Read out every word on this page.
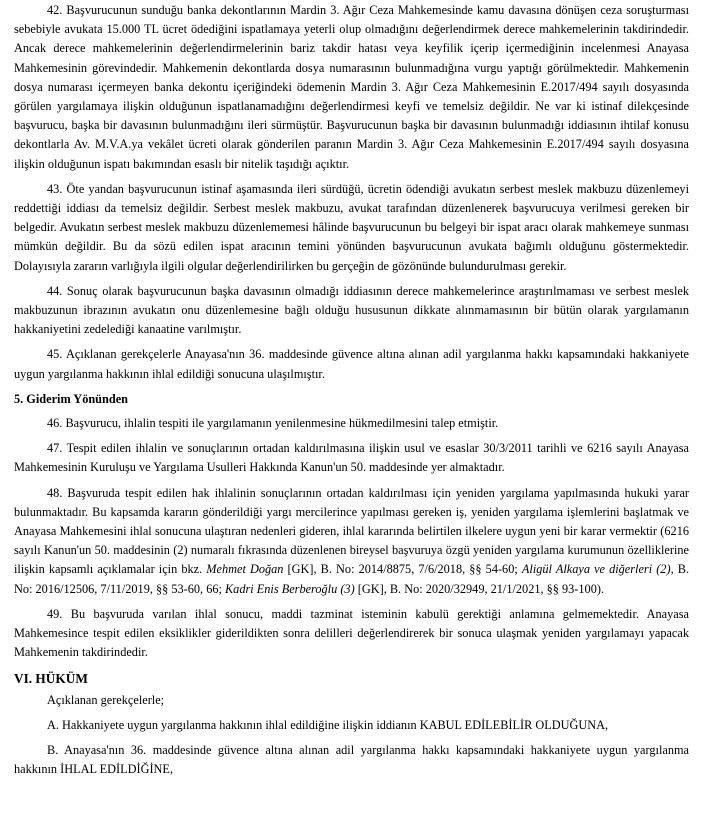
42. Başvurucunun sunduğu banka dekontlarının Mardin 3. Ağır Ceza Mahkemesinde kamu davasına dönüşen ceza soruşturması sebebiyle avukata 15.000 TL ücret ödediğini ispatlamaya yeterli olup olmadığını değerlendirmek derece mahkemelerinin takdirindedir. Ancak derece mahkemelerinin değerlendirmelerinin bariz takdir hatası veya keyfilik içerip içermediğinin incelenmesi Anayasa Mahkemesinin görevindedir. Mahkemenin dekontlarda dosya numarasının bulunmadığına vurgu yaptığı görülmektedir. Mahkemenin dosya numarası içermeyen banka dekontu içeriğindeki ödemenin Mardin 3. Ağır Ceza Mahkemesinin E.2017/494 sayılı dosyasında görülen yargılamaya ilişkin olduğunun ispatlanamadığını değerlendirmesi keyfi ve temelsiz değildir. Ne var ki istinaf dilekçesinde başvurucu, başka bir davasının bulunmadığını ileri sürmüştür. Başvurucunun başka bir davasının bulunmadığı iddiasının ihtilaf konusu dekontlarla Av. M.V.A.ya vekâlet ücreti olarak gönderilen paranın Mardin 3. Ağır Ceza Mahkemesinin E.2017/494 sayılı dosyasına ilişkin olduğunun ispatı bakımından esaslı bir nitelik taşıdığı açıktır.

43. Öte yandan başvurucunun istinaf aşamasında ileri sürdüğü, ücretin ödendiği avukatın serbest meslek makbuzu düzenlemeyi reddettiği iddiası da temelsiz değildir. Serbest meslek makbuzu, avukat tarafından düzenlenerek başvurucuya verilmesi gereken bir belgedir. Avukatın serbest meslek makbuzu düzenlememesi hâlinde başvurucunun bu belgeyi bir ispat aracı olarak mahkemeye sunması mümkün değildir. Bu da sözü edilen ispat aracının temini yönünden başvurucunun avukata bağımlı olduğunu göstermektedir. Dolayısıyla zararın varlığıyla ilgili olgular değerlendirilirken bu gerçeğin de gözönünde bulundurulması gerekir.

44. Sonuç olarak başvurucunun başka davasının olmadığı iddiasının derece mahkemelerince araştırılmaması ve serbest meslek makbuzunun ibrazının avukatın onu düzenlemesine bağlı olduğu hususunun dikkate alınmamasının bir bütün olarak yargılamanın hakkaniyetini zedelediği kanaatine varılmıştır.

45. Açıklanan gerekçelerle Anayasa'nın 36. maddesinde güvence altına alınan adil yargılanma hakkı kapsamındaki hakkaniyete uygun yargılanma hakkının ihlal edildiği sonucuna ulaşılmıştır.

5. Giderim Yönünden

46. Başvurucu, ihlalin tespiti ile yargılamanın yenilenmesine hükmedilmesini talep etmiştir.

47. Tespit edilen ihlalin ve sonuçlarının ortadan kaldırılmasına ilişkin usul ve esaslar 30/3/2011 tarihli ve 6216 sayılı Anayasa Mahkemesinin Kuruluşu ve Yargılama Usulleri Hakkında Kanun'un 50. maddesinde yer almaktadır.

48. Başvuruda tespit edilen hak ihlalinin sonuçlarının ortadan kaldırılması için yeniden yargılama yapılmasında hukuki yarar bulunmaktadır. Bu kapsamda kararın gönderildiği yargı mercilerince yapılması gereken iş, yeniden yargılama işlemlerini başlatmak ve Anayasa Mahkemesini ihlal sonucuna ulaştıran nedenleri gideren, ihlal kararında belirtilen ilkelere uygun yeni bir karar vermektir (6216 sayılı Kanun'un 50. maddesinin (2) numaralı fıkrasında düzenlenen bireysel başvuruya özgü yeniden yargılama kurumunun özelliklerine ilişkin kapsamlı açıklamalar için bkz. Mehmet Doğan [GK], B. No: 2014/8875, 7/6/2018, §§ 54-60; Aligül Alkaya ve diğerleri (2), B. No: 2016/12506, 7/11/2019, §§ 53-60, 66; Kadri Enis Berberoğlu (3) [GK], B. No: 2020/32949, 21/1/2021, §§ 93-100).

49. Bu başvuruda varılan ihlal sonucu, maddi tazminat isteminin kabulü gerektiği anlamına gelmemektedir. Anayasa Mahkemesince tespit edilen eksiklikler giderildikten sonra delilleri değerlendirerek bir sonuca ulaşmak yeniden yargılamayı yapacak Mahkemenin takdirindedir.

VI. HÜKÜM

Açıklanan gerekçelerle;

A. Hakkaniyete uygun yargılanma hakkının ihlal edildiğine ilişkin iddianın KABUL EDİLEBİLİR OLDUĞUNA,

B. Anayasa'nın 36. maddesinde güvence altına alınan adil yargılanma hakkı kapsamındaki hakkaniyete uygun yargılanma hakkının İHLAL EDİLDİĞİNE,
